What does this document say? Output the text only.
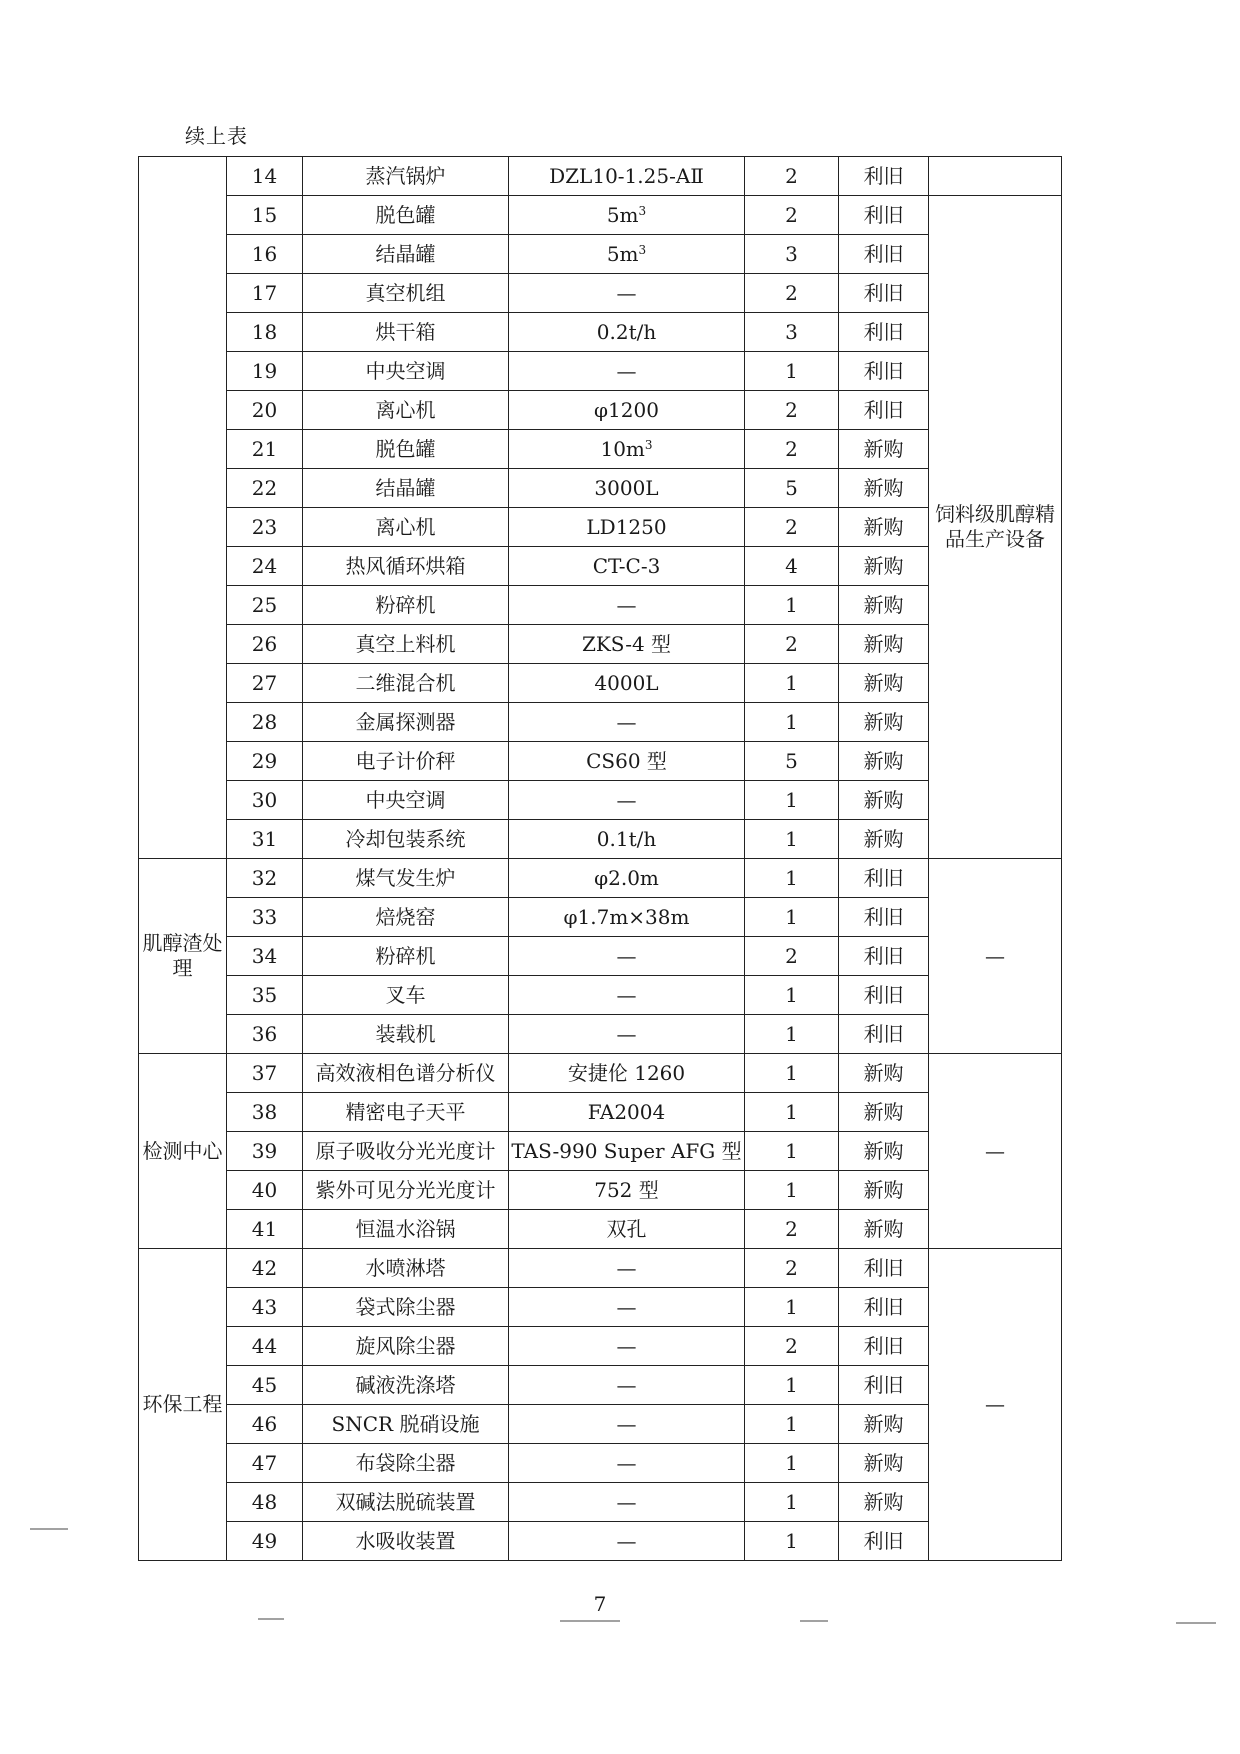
续上表
	14	蒸汽锅炉	DZL10-1.25-AⅡ	2	利旧	
	15	脱色罐	$5m^3$	2	利旧	饲料级肌醇精品生产设备
	16	结晶罐	$5m^3$	3	利旧	
	17	真空机组	—	2	利旧	
	18	烘干箱	0.2t/h	3	利旧	
	19	中央空调	—	1	利旧	
	20	离心机	φ1200	2	利旧	
	21	脱色罐	$10m^3$	2	新购	
	22	结晶罐	3000L	5	新购	
	23	离心机	LD1250	2	新购	
	24	热风循环烘箱	CT-C-3	4	新购	
	25	粉碎机	—	1	新购	
	26	真空上料机	ZKS-4 型	2	新购	
	27	二维混合机	4000L	1	新购	
	28	金属探测器	—	1	新购	
	29	电子计价秤	CS60 型	5	新购	
	30	中央空调	—	1	新购	
	31	冷却包装系统	0.1t/h	1	新购	
肌醇渣处理	32	煤气发生炉	φ2.0m	1	利旧	—
	33	焙烧窑	φ1.7m×38m	1	利旧	
	34	粉碎机	—	2	利旧	
	35	叉车	—	1	利旧	
	36	装载机	—	1	利旧	
检测中心	37	高效液相色谱分析仪	安捷伦 1260	1	新购	—
	38	精密电子天平	FA2004	1	新购	
	39	原子吸收分光光度计	TAS-990 Super AFG 型	1	新购	
	40	紫外可见分光光度计	752 型	1	新购	
	41	恒温水浴锅	双孔	2	新购	
环保工程	42	水喷淋塔	—	2	利旧	—
	43	袋式除尘器	—	1	利旧	
	44	旋风除尘器	—	2	利旧	
	45	碱液洗涤塔	—	1	利旧	
	46	SNCR 脱硝设施	—	1	新购	
	47	布袋除尘器	—	1	新购	
	48	双碱法脱硫装置	—	1	新购	
	49	水吸收装置	—	1	利旧	
7
